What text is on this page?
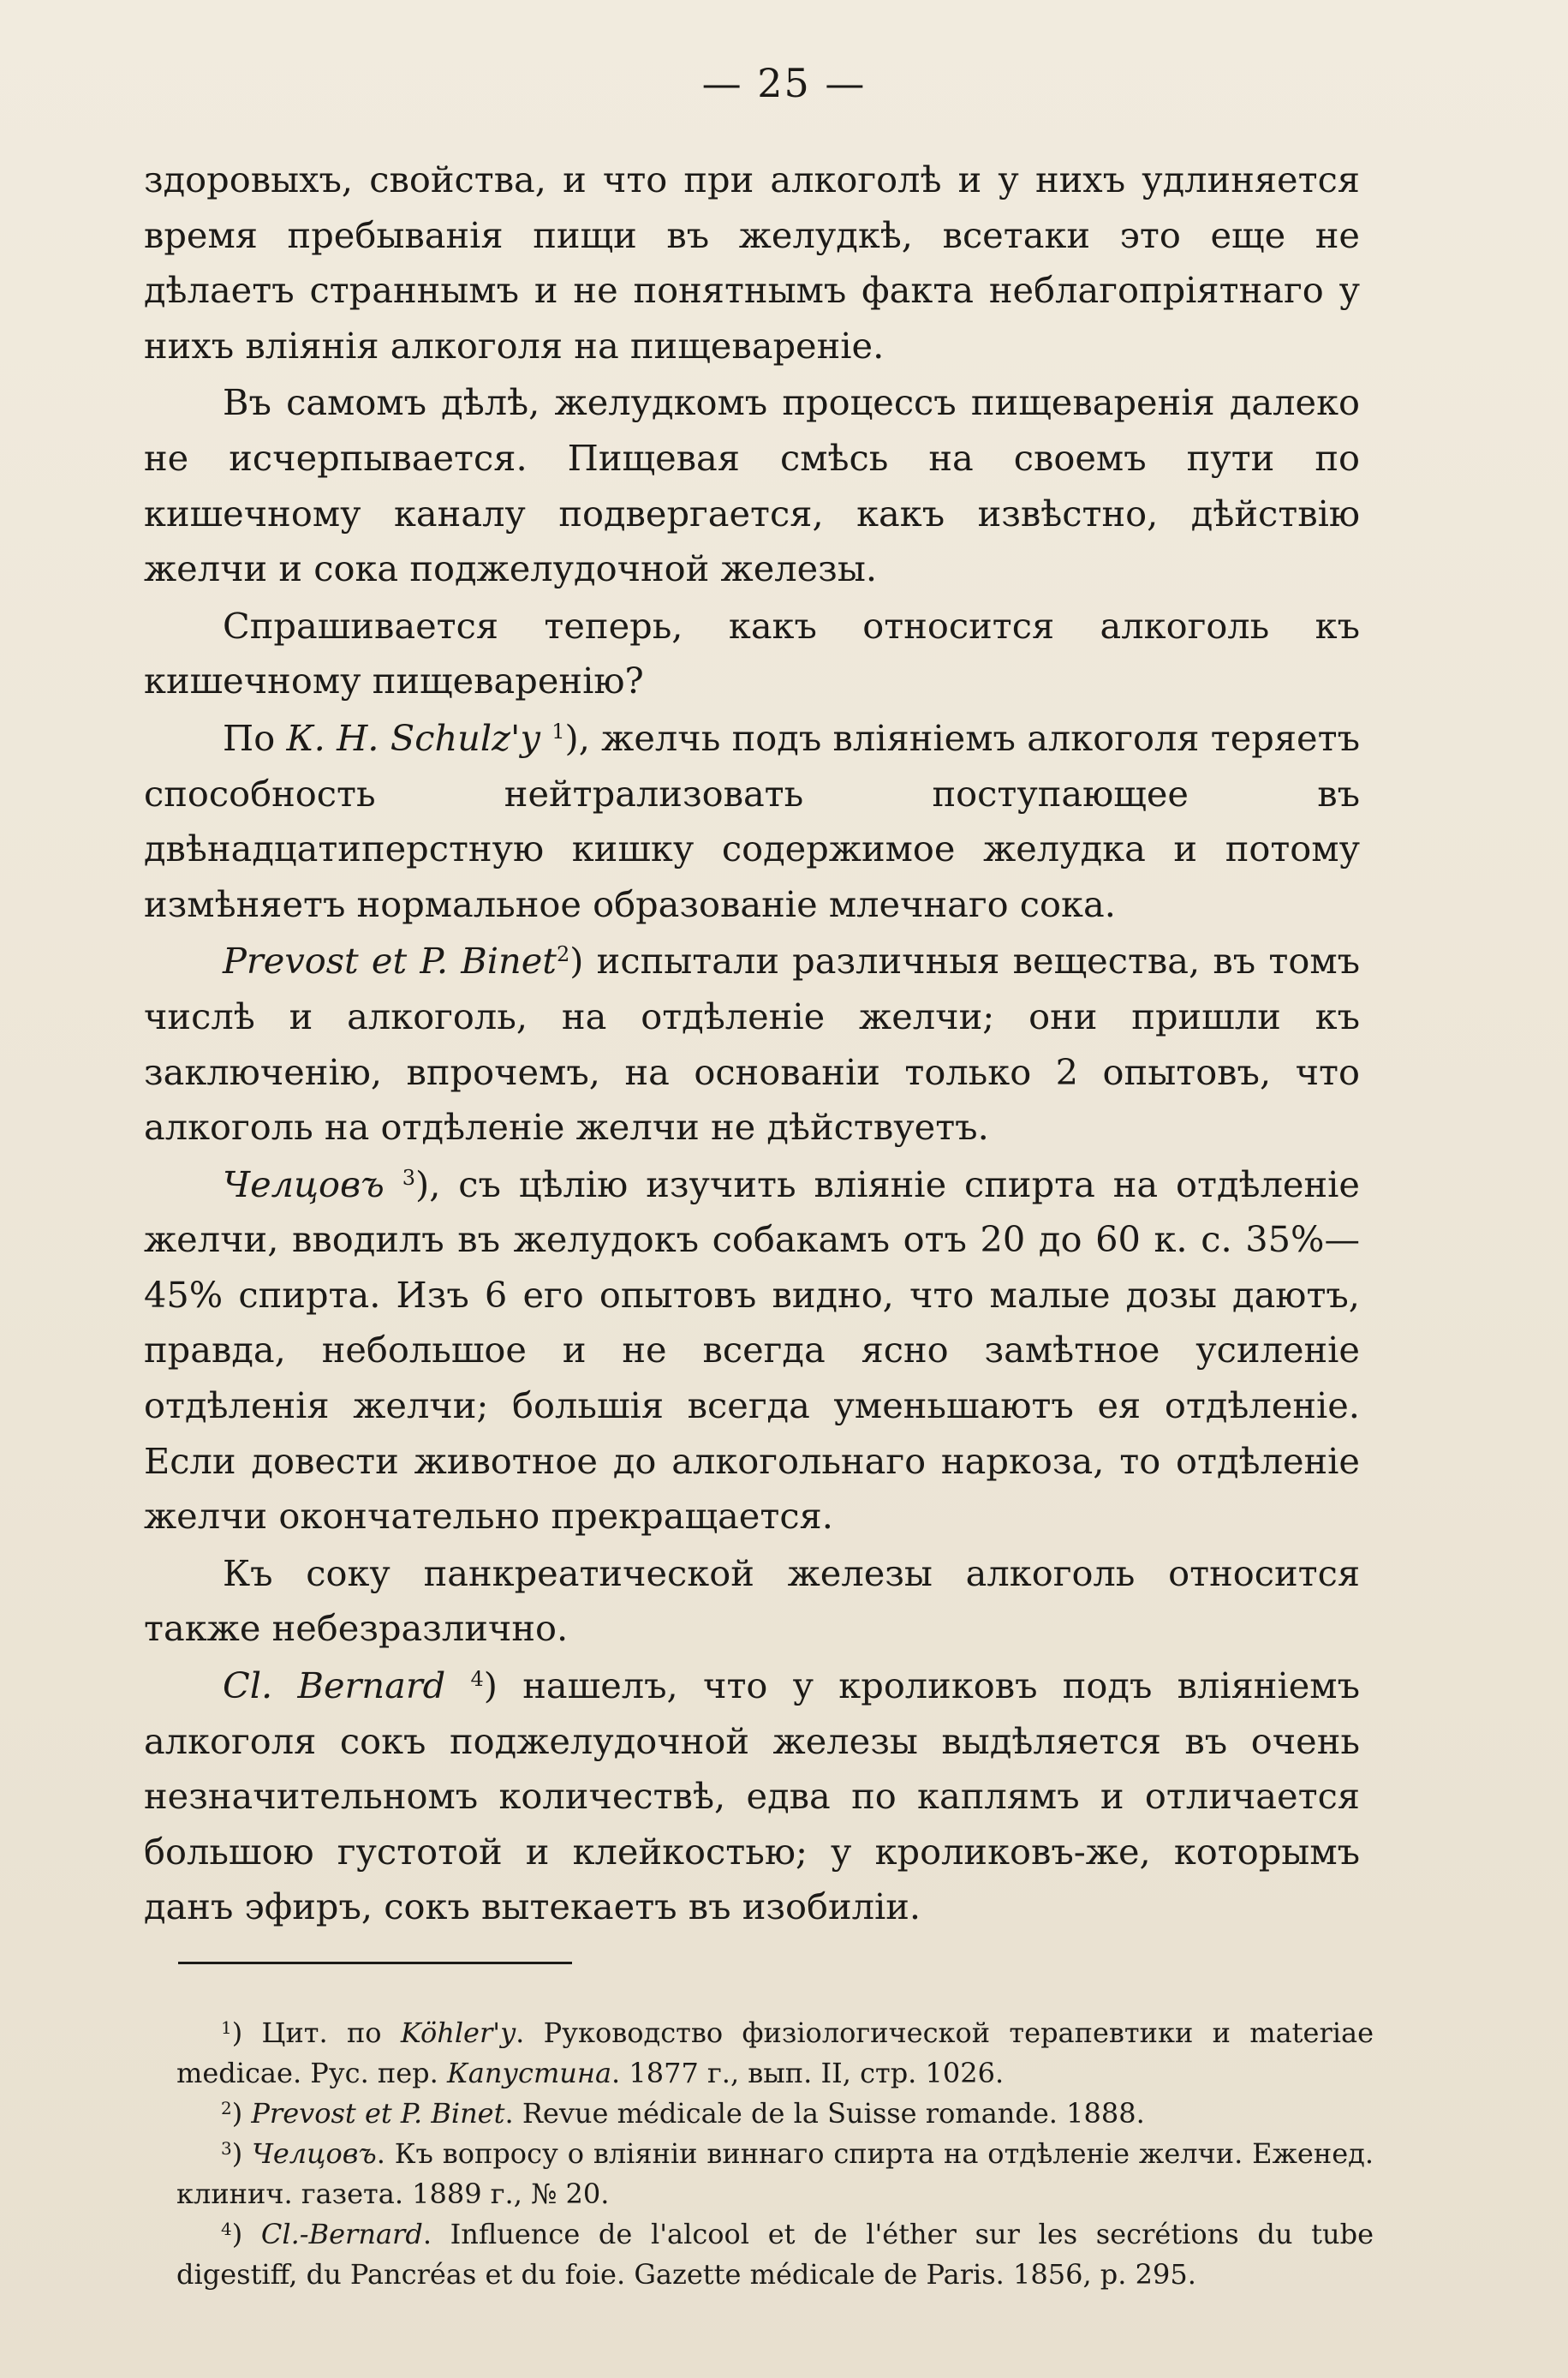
— 25 —

здоровыхъ, свойства, и что при алкоголѣ и у нихъ удлиняется время пребыванія пищи въ желудкѣ, всетаки это еще не дѣлаетъ страннымъ и не понятнымъ факта неблагопріятнаго у нихъ вліянія алкоголя на пищевареніе.

Въ самомъ дѣлѣ, желудкомъ процессъ пищеваренія далеко не исчерпывается. Пищевая смѣсь на своемъ пути по кишечному каналу подвергается, какъ извѣстно, дѣйствію желчи и сока поджелудочной железы.

Спрашивается теперь, какъ относится алкоголь къ кишечному пищеваренію?

По К. Н. Schulz'y $^1$), желчь подъ вліяніемъ алкоголя теряетъ способность нейтрализовать поступающее въ двѣнадцатиперстную кишку содержимое желудка и потому измѣняетъ нормальное образованіе млечнаго сока.

Prevost et P. Binet$^2$) испытали различныя вещества, въ томъ числѣ и алкоголь, на отдѣленіе желчи; они пришли къ заключенію, впрочемъ, на основаніи только 2 опытовъ, что алкоголь на отдѣленіе желчи не дѣйствуетъ.

Челцовъ $^3$), съ цѣлію изучить вліяніе спирта на отдѣленіе желчи, вводилъ въ желудокъ собакамъ отъ 20 до 60 к. с. 35%—45% спирта. Изъ 6 его опытовъ видно, что малые дозы даютъ, правда, небольшое и не всегда ясно замѣтное усиленіе отдѣленія желчи; большія всегда уменьшаютъ ея отдѣленіе. Если довести животное до алкогольнаго наркоза, то отдѣленіе желчи окончательно прекращается.

Къ соку панкреатической железы алкоголь относится также небезразлично.

Cl. Bernard $^4$) нашелъ, что у кроликовъ подъ вліяніемъ алкоголя сокъ поджелудочной железы выдѣляется въ очень незначительномъ количествѣ, едва по каплямъ и отличается большою густотой и клейкостью; у кроликовъ-же, которымъ данъ эфиръ, сокъ вытекаетъ въ изобиліи.

$^1$) Цит. по Köhler'y. Руководство физіологической терапевтики и materiae medicae. Рус. пер. Капустина. 1877 г., вып. II, стр. 1026.

$^2$) Prevost et P. Binet. Revue médicale de la Suisse romande. 1888.

$^3$) Челцовъ. Къ вопросу о вліяніи виннаго спирта на отдѣленіе желчи. Еженед. клинич. газета. 1889 г., № 20.

$^4$) Cl.-Bernard. Influence de l'alcool et de l'éther sur les secrétions du tube digestiff, du Pancréas et du foie. Gazette médicale de Paris. 1856, p. 295.
